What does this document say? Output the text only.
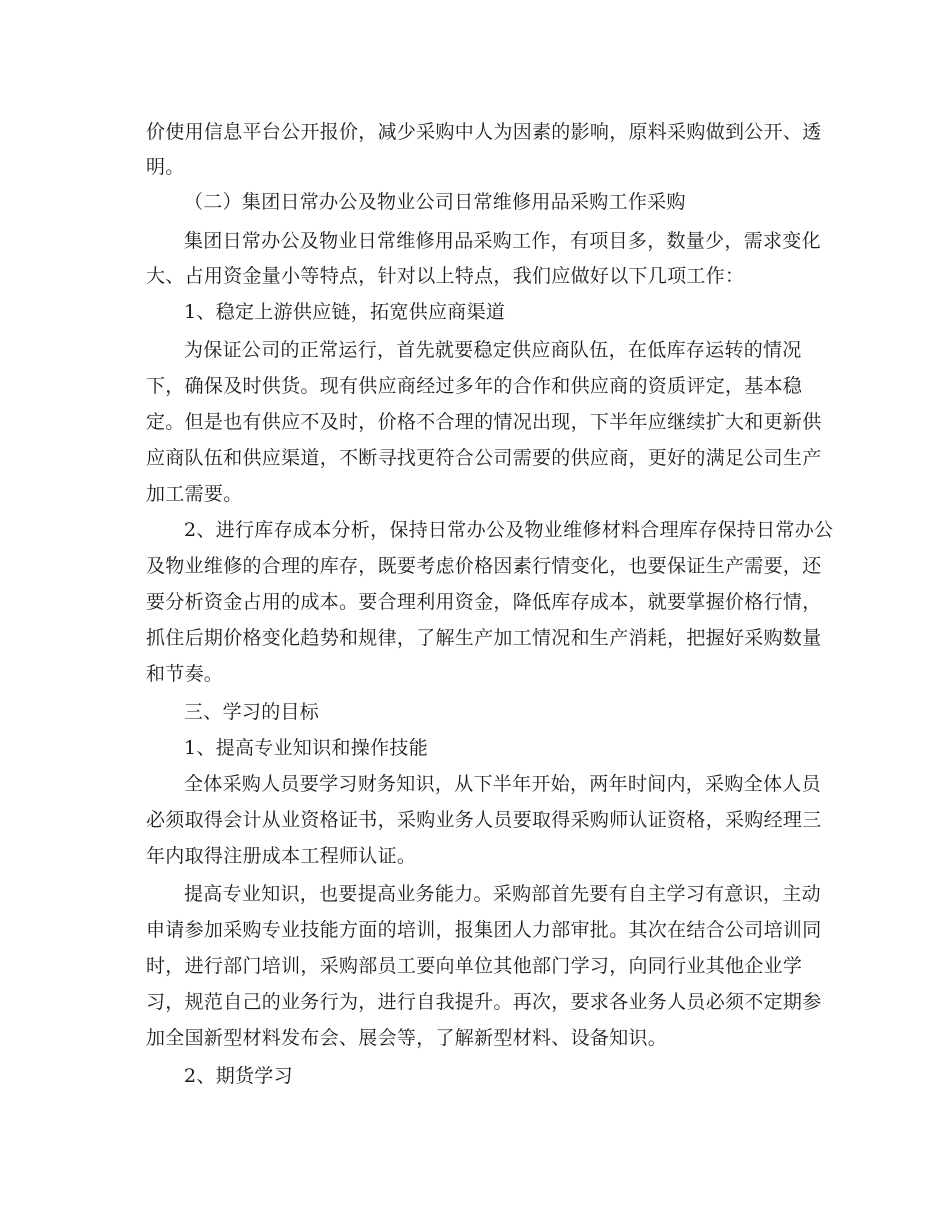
价使用信息平台公开报价，减少采购中人为因素的影响，原料采购做到公开、透
明。
（二）集团日常办公及物业公司日常维修用品采购工作采购
集团日常办公及物业日常维修用品采购工作，有项目多，数量少，需求变化
大、占用资金量小等特点，针对以上特点，我们应做好以下几项工作：
1、稳定上游供应链，拓宽供应商渠道
为保证公司的正常运行，首先就要稳定供应商队伍，在低库存运转的情况
下，确保及时供货。现有供应商经过多年的合作和供应商的资质评定，基本稳
定。但是也有供应不及时，价格不合理的情况出现，下半年应继续扩大和更新供
应商队伍和供应渠道，不断寻找更符合公司需要的供应商，更好的满足公司生产
加工需要。
2、进行库存成本分析，保持日常办公及物业维修材料合理库存保持日常办公
及物业维修的合理的库存，既要考虑价格因素行情变化，也要保证生产需要，还
要分析资金占用的成本。要合理利用资金，降低库存成本，就要掌握价格行情，
抓住后期价格变化趋势和规律，了解生产加工情况和生产消耗，把握好采购数量
和节奏。
三、学习的目标
1、提高专业知识和操作技能
全体采购人员要学习财务知识，从下半年开始，两年时间内，采购全体人员
必须取得会计从业资格证书，采购业务人员要取得采购师认证资格，采购经理三
年内取得注册成本工程师认证。
提高专业知识，也要提高业务能力。采购部首先要有自主学习有意识，主动
申请参加采购专业技能方面的培训，报集团人力部审批。其次在结合公司培训同
时，进行部门培训，采购部员工要向单位其他部门学习，向同行业其他企业学
习，规范自己的业务行为，进行自我提升。再次，要求各业务人员必须不定期参
加全国新型材料发布会、展会等，了解新型材料、设备知识。
2、期货学习
